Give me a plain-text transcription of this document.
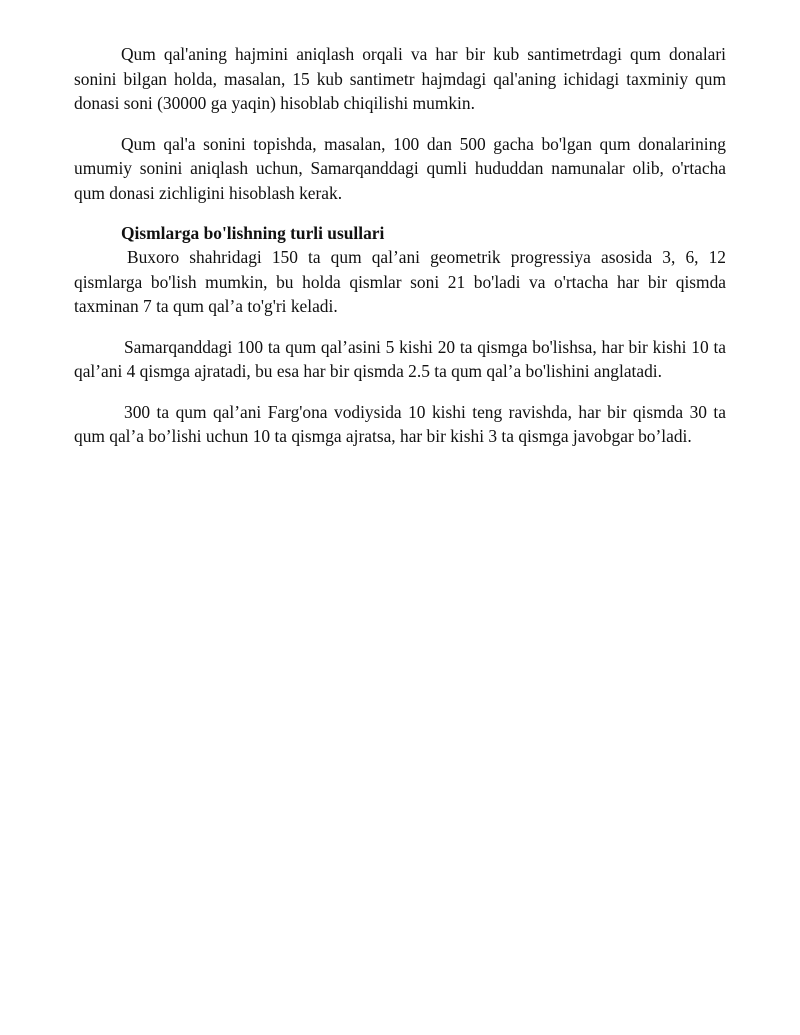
Qum qal'aning hajmini aniqlash orqali va har bir kub santimetrdagi qum donalari sonini bilgan holda, masalan, 15 kub santimetr hajmdagi qal'aning ichidagi taxminiy qum donasi soni (30000 ga yaqin) hisoblab chiqilishi mumkin.

Qum qal'a sonini topishda, masalan, 100 dan 500 gacha bo'lgan qum donalarining umumiy sonini aniqlash uchun, Samarqanddagi qumli hududdan namunalar olib, o'rtacha qum donasi zichligini hisoblash kerak.

Qismlarga bo'lishning turli usullari

Buxoro shahridagi 150 ta qum qal’ani geometrik progressiya asosida 3, 6, 12 qismlarga bo'lish mumkin, bu holda qismlar soni 21 bo'ladi va o'rtacha har bir qismda taxminan 7 ta qum qal’a to'g'ri keladi.

Samarqanddagi 100 ta qum qal’asini 5 kishi 20 ta qismga bo'lishsa, har bir kishi 10 ta qal’ani 4 qismga ajratadi, bu esa har bir qismda 2.5 ta qum qal’a bo'lishini anglatadi.

300 ta qum qal’ani Farg'ona vodiysida 10 kishi teng ravishda, har bir qismda 30 ta qum qal’a bo’lishi uchun 10 ta qismga ajratsa, har bir kishi 3 ta qismga javobgar bo’ladi.
